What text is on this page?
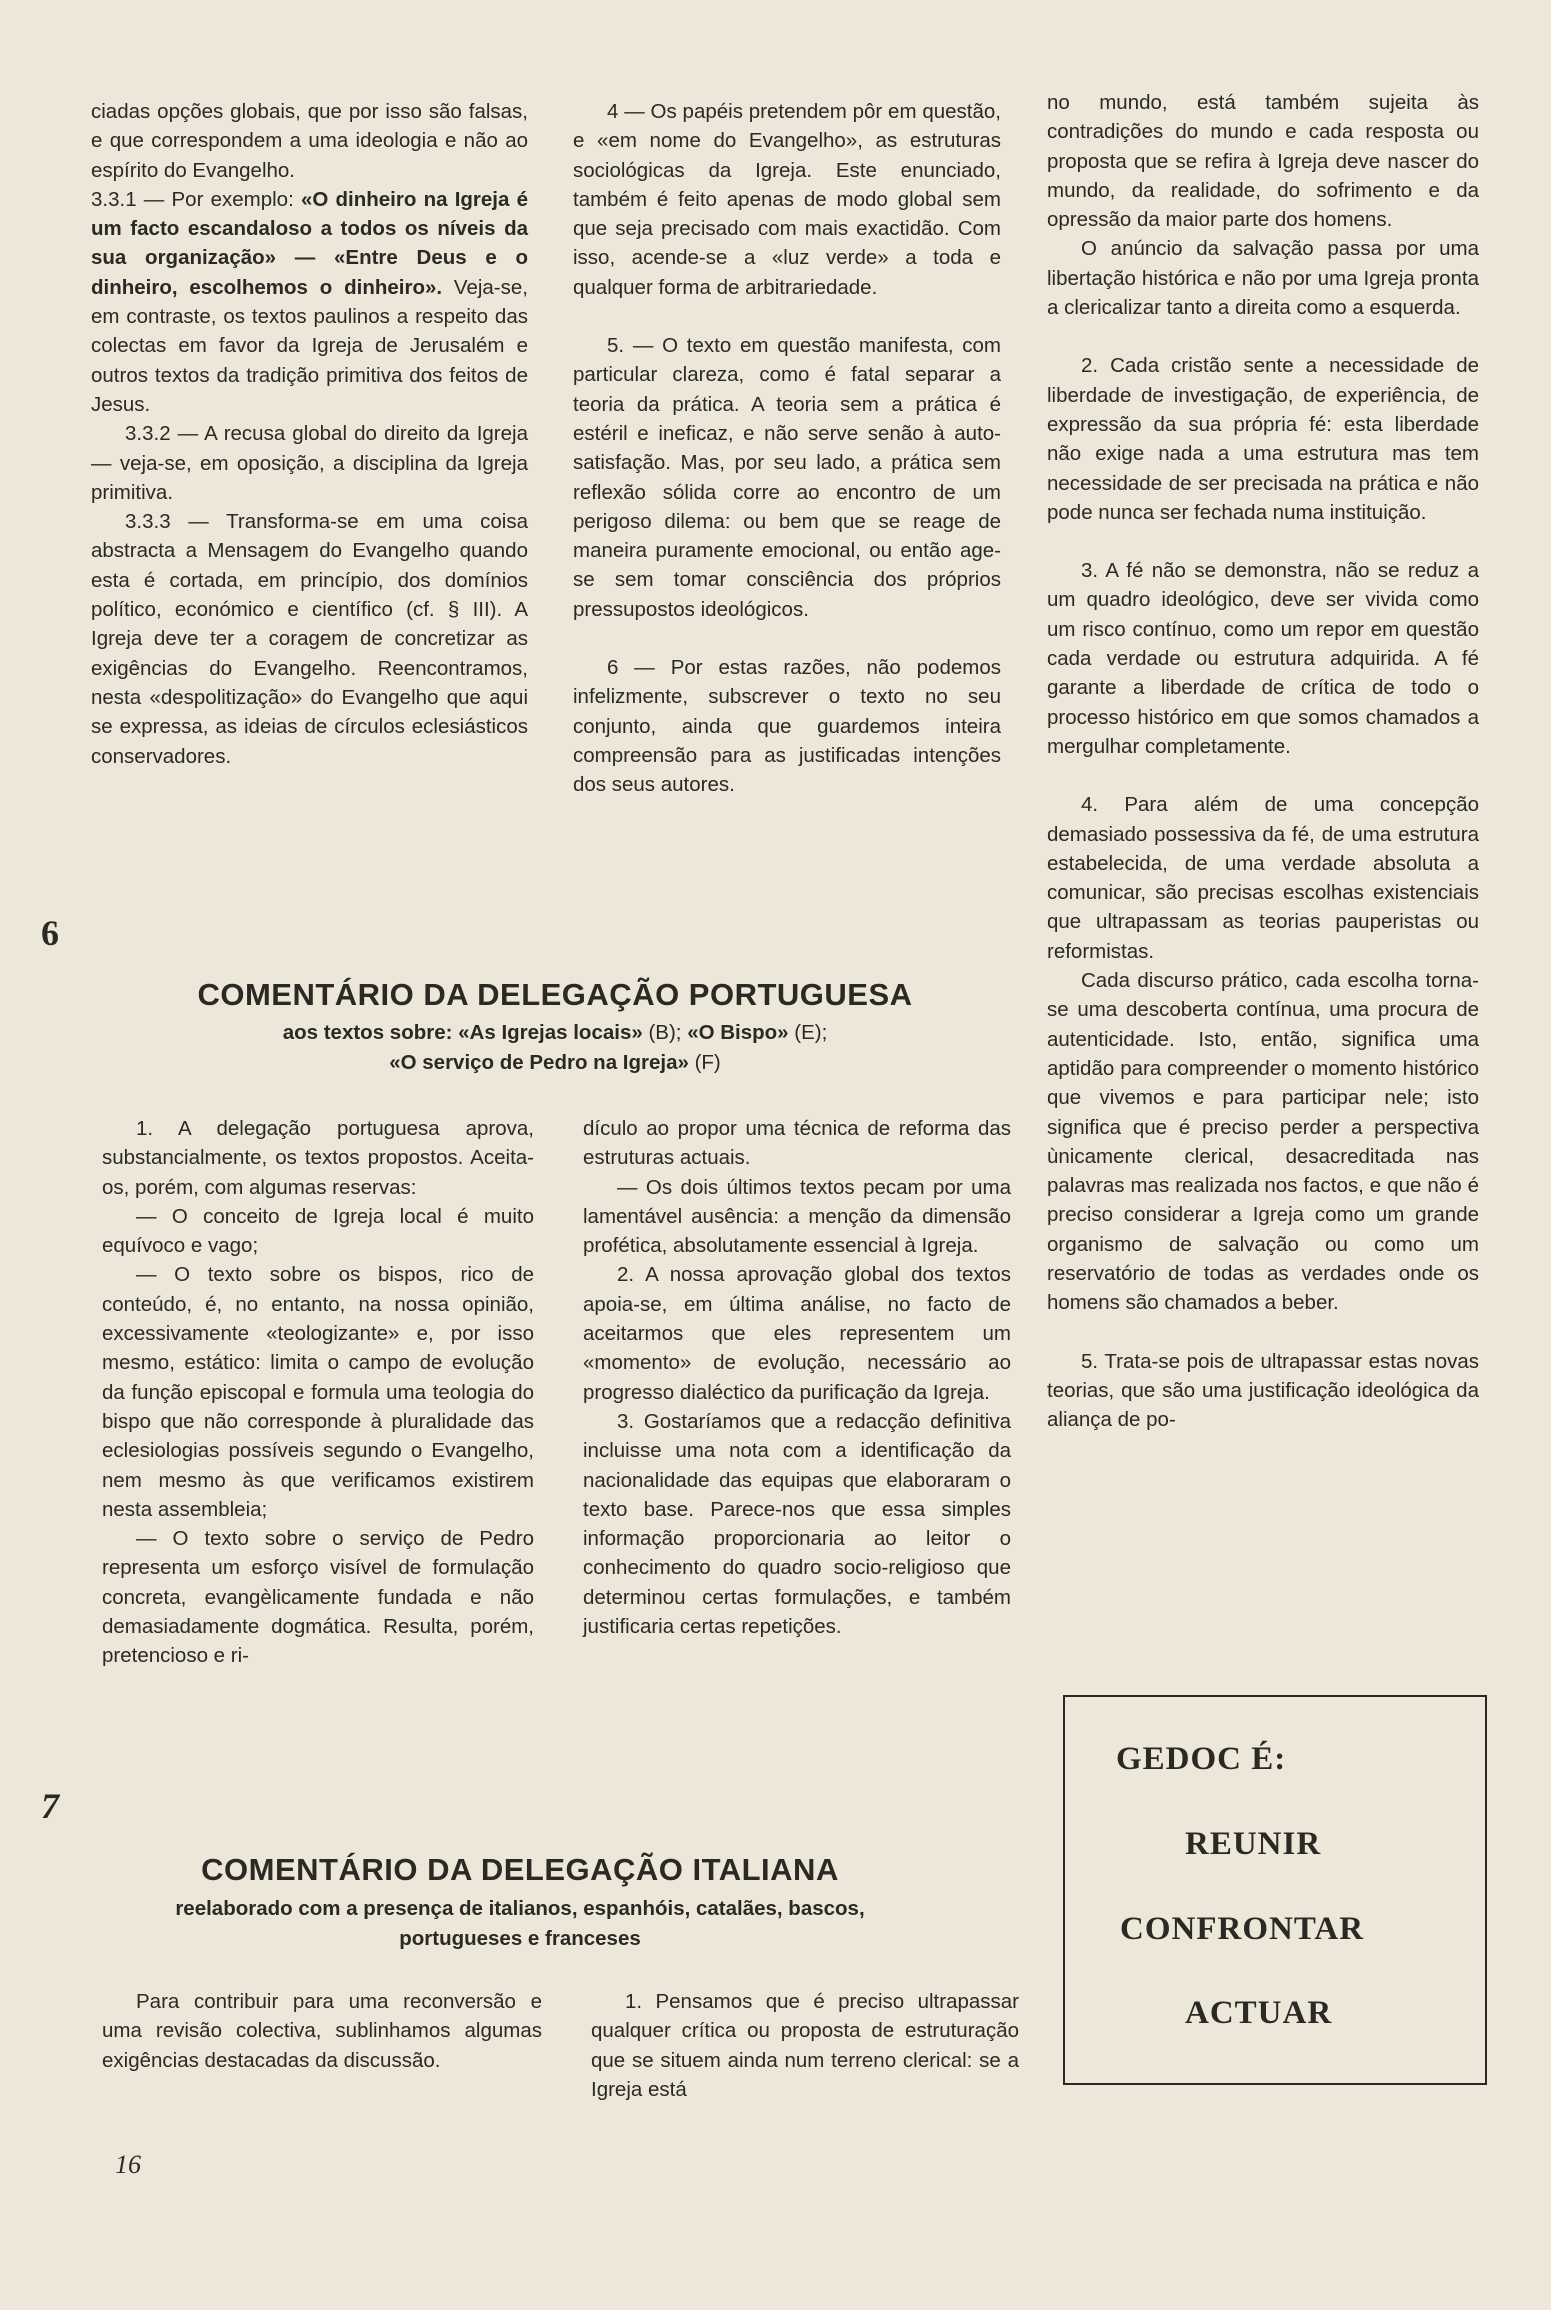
ciadas opções globais, que por isso são falsas, e que correspondem a uma ideologia e não ao espírito do Evangelho.

3.3.1 — Por exemplo: «O dinheiro na Igreja é um facto escandaloso a todos os níveis da sua organização» — «Entre Deus e o dinheiro, escolhemos o dinheiro». Veja-se, em contraste, os textos paulinos a respeito das colectas em favor da Igreja de Jerusalém e outros textos da tradição primitiva dos feitos de Jesus.

3.3.2 — A recusa global do direito da Igreja — veja-se, em oposição, a disciplina da Igreja primitiva.

3.3.3 — Transforma-se em uma coisa abstracta a Mensagem do Evangelho quando esta é cortada, em princípio, dos domínios político, económico e científico (cf. § III). A Igreja deve ter a coragem de concretizar as exigências do Evangelho. Reencontramos, nesta «despolitização» do Evangelho que aqui se expressa, as ideias de círculos eclesiásticos conservadores.

4 — Os papéis pretendem pôr em questão, e «em nome do Evangelho», as estruturas sociológicas da Igreja. Este enunciado, também é feito apenas de modo global sem que seja precisado com mais exactidão. Com isso, acende-se a «luz verde» a toda e qualquer forma de arbitrariedade.

5. — O texto em questão manifesta, com particular clareza, como é fatal separar a teoria da prática. A teoria sem a prática é estéril e ineficaz, e não serve senão à auto-satisfação. Mas, por seu lado, a prática sem reflexão sólida corre ao encontro de um perigoso dilema: ou bem que se reage de maneira puramente emocional, ou então age-se sem tomar consciência dos próprios pressupostos ideológicos.

6 — Por estas razões, não podemos infelizmente, subscrever o texto no seu conjunto, ainda que guardemos inteira compreensão para as justificadas intenções dos seus autores.

no mundo, está também sujeita às contradições do mundo e cada resposta ou proposta que se refira à Igreja deve nascer do mundo, da realidade, do sofrimento e da opressão da maior parte dos homens.

O anúncio da salvação passa por uma libertação histórica e não por uma Igreja pronta a clericalizar tanto a direita como a esquerda.

2. Cada cristão sente a necessidade de liberdade de investigação, de experiência, de expressão da sua própria fé: esta liberdade não exige nada a uma estrutura mas tem necessidade de ser precisada na prática e não pode nunca ser fechada numa instituição.

3. A fé não se demonstra, não se reduz a um quadro ideológico, deve ser vivida como um risco contínuo, como um repor em questão cada verdade ou estrutura adquirida. A fé garante a liberdade de crítica de todo o processo histórico em que somos chamados a mergulhar completamente.

4. Para além de uma concepção demasiado possessiva da fé, de uma estrutura estabelecida, de uma verdade absoluta a comunicar, são precisas escolhas existenciais que ultrapassam as teorias pauperistas ou reformistas.

Cada discurso prático, cada escolha torna-se uma descoberta contínua, uma procura de autenticidade. Isto, então, significa uma aptidão para compreender o momento histórico que vivemos e para participar nele; isto significa que é preciso perder a perspectiva ùnicamente clerical, desacreditada nas palavras mas realizada nos factos, e que não é preciso considerar a Igreja como um grande organismo de salvação ou como um reservatório de todas as verdades onde os homens são chamados a beber.

5. Trata-se pois de ultrapassar estas novas teorias, que são uma justificação ideológica da aliança de po-

6
COMENTÁRIO DA DELEGAÇÃO PORTUGUESA
aos textos sobre: «As Igrejas locais» (B); «O Bispo» (E);
«O serviço de Pedro na Igreja» (F)

1. A delegação portuguesa aprova, substancialmente, os textos propostos. Aceita-os, porém, com algumas reservas:

— O conceito de Igreja local é muito equívoco e vago;

— O texto sobre os bispos, rico de conteúdo, é, no entanto, na nossa opinião, excessivamente «teologizante» e, por isso mesmo, estático: limita o campo de evolução da função episcopal e formula uma teologia do bispo que não corresponde à pluralidade das eclesiologias possíveis segundo o Evangelho, nem mesmo às que verificamos existirem nesta assembleia;

— O texto sobre o serviço de Pedro representa um esforço visível de formulação concreta, evangèlicamente fundada e não demasiadamente dogmática. Resulta, porém, pretencioso e ri-

dículo ao propor uma técnica de reforma das estruturas actuais.

— Os dois últimos textos pecam por uma lamentável ausência: a menção da dimensão profética, absolutamente essencial à Igreja.

2. A nossa aprovação global dos textos apoia-se, em última análise, no facto de aceitarmos que eles representem um «momento» de evolução, necessário ao progresso dialéctico da purificação da Igreja.

3. Gostaríamos que a redacção definitiva incluisse uma nota com a identificação da nacionalidade das equipas que elaboraram o texto base. Parece-nos que essa simples informação proporcionaria ao leitor o conhecimento do quadro socio-religioso que determinou certas formulações, e também justificaria certas repetições.

7
COMENTÁRIO DA DELEGAÇÃO ITALIANA
reelaborado com a presença de italianos, espanhóis, catalães, bascos,
portugueses e franceses

Para contribuir para uma reconversão e uma revisão colectiva, sublinhamos algumas exigências destacadas da discussão.

1. Pensamos que é preciso ultrapassar qualquer crítica ou proposta de estruturação que se situem ainda num terreno clerical: se a Igreja está

GEDOC É:
REUNIR
CONFRONTAR
ACTUAR
16
